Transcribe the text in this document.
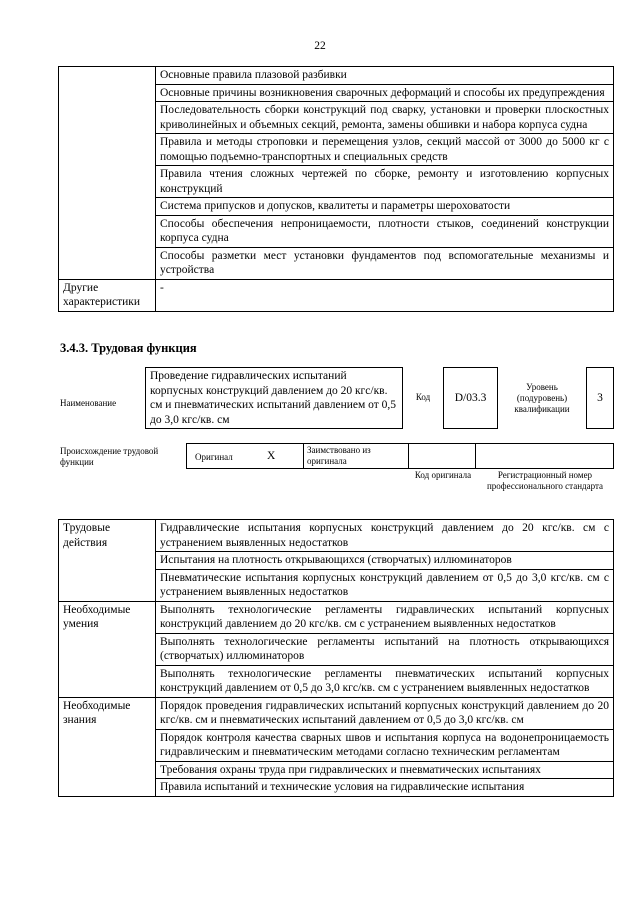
22
	Основные правила плазовой разбивки
	Основные причины возникновения сварочных деформаций и способы их предупреждения
	Последовательность сборки конструкций под сварку, установки и проверки плоскостных криволинейных и объемных секций, ремонта, замены обшивки и набора корпуса судна
	Правила и методы строповки и перемещения узлов, секций массой от 3000 до 5000 кг с помощью подъемно-транспортных и специальных средств
	Правила чтения сложных чертежей по сборке, ремонту и изготовлению корпусных конструкций
	Система припусков и допусков, квалитеты и параметры шероховатости
	Способы обеспечения непроницаемости, плотности стыков, соединений конструкции корпуса судна
	Способы разметки мест установки фундаментов под вспомогательные механизмы и устройства
Другие характеристики	-
3.4.3. Трудовая функция
Наименование
Проведение гидравлических испытаний корпусных конструкций давлением до 20 кгс/кв. см и пневматических испытаний давлением от 0,5 до 3,0 кгс/кв. см
Код	D/03.3
Уровень (подуровень) квалификации
3
Происхождение трудовой функции	Оригинал	X	Заимствовано из оригинала
Код оригинала	Регистрационный номер профессионального стандарта
Трудовые действия	Гидравлические испытания корпусных конструкций давлением до 20 кгс/кв. см с устранением выявленных недостатков
	Испытания на плотность открывающихся (створчатых) иллюминаторов
	Пневматические испытания корпусных конструкций давлением от 0,5 до 3,0 кгс/кв. см с устранением выявленных недостатков
Необходимые умения	Выполнять технологические регламенты гидравлических испытаний корпусных конструкций давлением до 20 кгс/кв. см с устранением выявленных недостатков
	Выполнять технологические регламенты испытаний на плотность открывающихся (створчатых) иллюминаторов
	Выполнять технологические регламенты пневматических испытаний корпусных конструкций давлением от 0,5 до 3,0 кгс/кв. см с устранением выявленных недостатков
Необходимые знания	Порядок проведения гидравлических испытаний корпусных конструкций давлением до 20 кгс/кв. см и пневматических испытаний давлением от 0,5 до 3,0 кгс/кв. см
	Порядок контроля качества сварных швов и испытания корпуса на водонепроницаемость гидравлическим и пневматическим методами согласно техническим регламентам
	Требования охраны труда при гидравлических и пневматических испытаниях
	Правила испытаний и технические условия на гидравлические испытания
